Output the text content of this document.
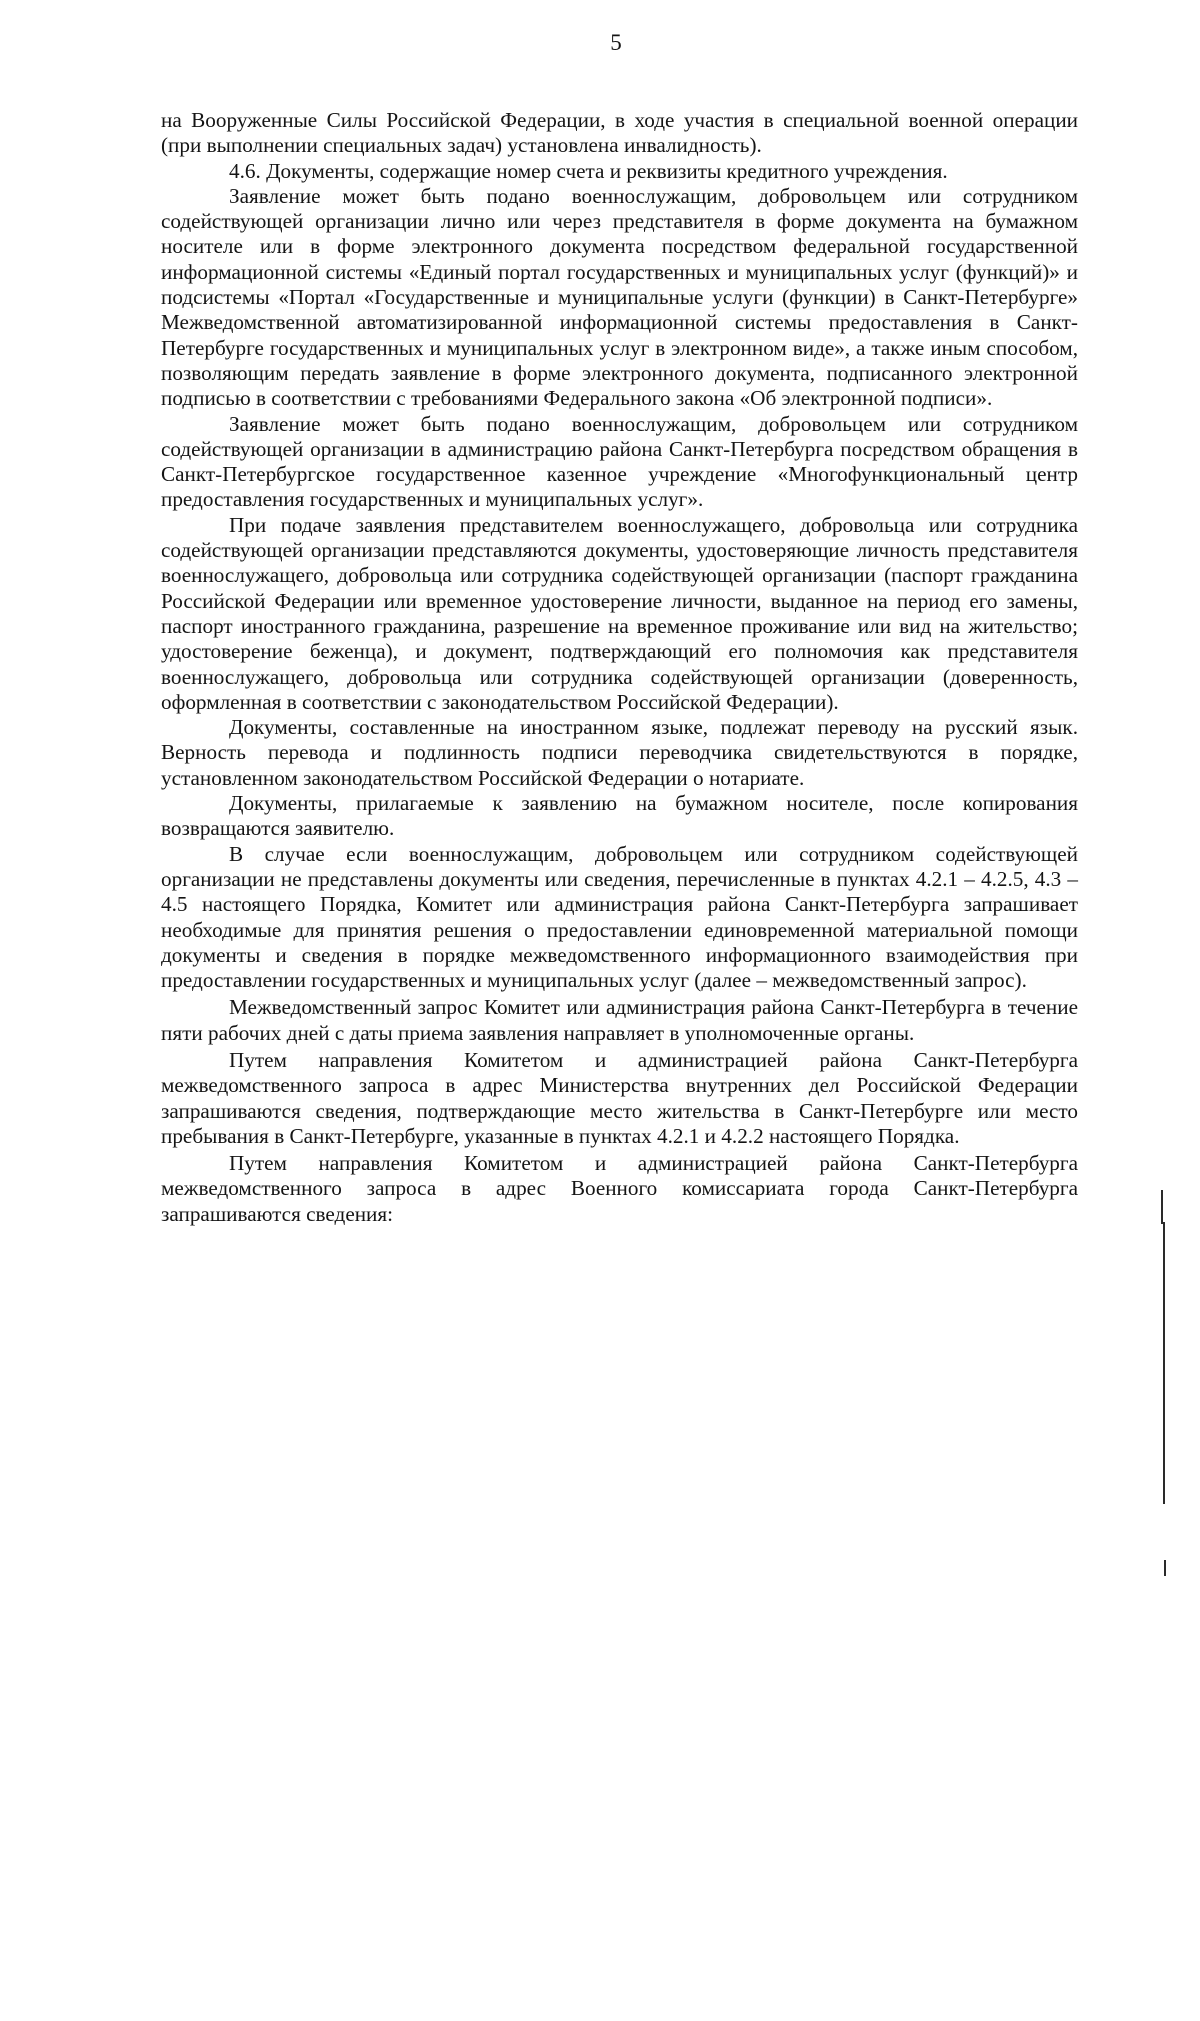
5

на Вооруженные Силы Российской Федерации, в ходе участия в специальной военной операции (при выполнении специальных задач) установлена инвалидность).

4.6. Документы, содержащие номер счета и реквизиты кредитного учреждения.

Заявление может быть подано военнослужащим, добровольцем или сотрудником содействующей организации лично или через представителя в форме документа на бумажном носителе или в форме электронного документа посредством федеральной государственной информационной системы «Единый портал государственных и муниципальных услуг (функций)» и подсистемы «Портал «Государственные и муниципальные услуги (функции) в Санкт-Петербурге» Межведомственной автоматизированной информационной системы предоставления в Санкт-Петербурге государственных и муниципальных услуг в электронном виде», а также иным способом, позволяющим передать заявление в форме электронного документа, подписанного электронной подписью в соответствии с требованиями Федерального закона «Об электронной подписи».

Заявление может быть подано военнослужащим, добровольцем или сотрудником содействующей организации в администрацию района Санкт-Петербурга посредством обращения в Санкт-Петербургское государственное казенное учреждение «Многофункциональный центр предоставления государственных и муниципальных услуг».

При подаче заявления представителем военнослужащего, добровольца или сотрудника содействующей организации представляются документы, удостоверяющие личность представителя военнослужащего, добровольца или сотрудника содействующей организации (паспорт гражданина Российской Федерации или временное удостоверение личности, выданное на период его замены, паспорт иностранного гражданина, разрешение на временное проживание или вид на жительство; удостоверение беженца), и документ, подтверждающий его полномочия как представителя военнослужащего, добровольца или сотрудника содействующей организации (доверенность, оформленная в соответствии с законодательством Российской Федерации).

Документы, составленные на иностранном языке, подлежат переводу на русский язык. Верность перевода и подлинность подписи переводчика свидетельствуются в порядке, установленном законодательством Российской Федерации о нотариате.

Документы, прилагаемые к заявлению на бумажном носителе, после копирования возвращаются заявителю.

В случае если военнослужащим, добровольцем или сотрудником содействующей организации не представлены документы или сведения, перечисленные в пунктах 4.2.1 – 4.2.5, 4.3 – 4.5 настоящего Порядка, Комитет или администрация района Санкт-Петербурга запрашивает необходимые для принятия решения о предоставлении единовременной материальной помощи документы и сведения в порядке межведомственного информационного взаимодействия при предоставлении государственных и муниципальных услуг (далее – межведомственный запрос).

Межведомственный запрос Комитет или администрация района Санкт-Петербурга в течение пяти рабочих дней с даты приема заявления направляет в уполномоченные органы.

Путем направления Комитетом и администрацией района Санкт-Петербурга межведомственного запроса в адрес Министерства внутренних дел Российской Федерации запрашиваются сведения, подтверждающие место жительства в Санкт-Петербурге или место пребывания в Санкт-Петербурге, указанные в пунктах 4.2.1 и 4.2.2 настоящего Порядка.

Путем направления Комитетом и администрацией района Санкт-Петербурга межведомственного запроса в адрес Военного комиссариата города Санкт-Петербурга запрашиваются сведения:
